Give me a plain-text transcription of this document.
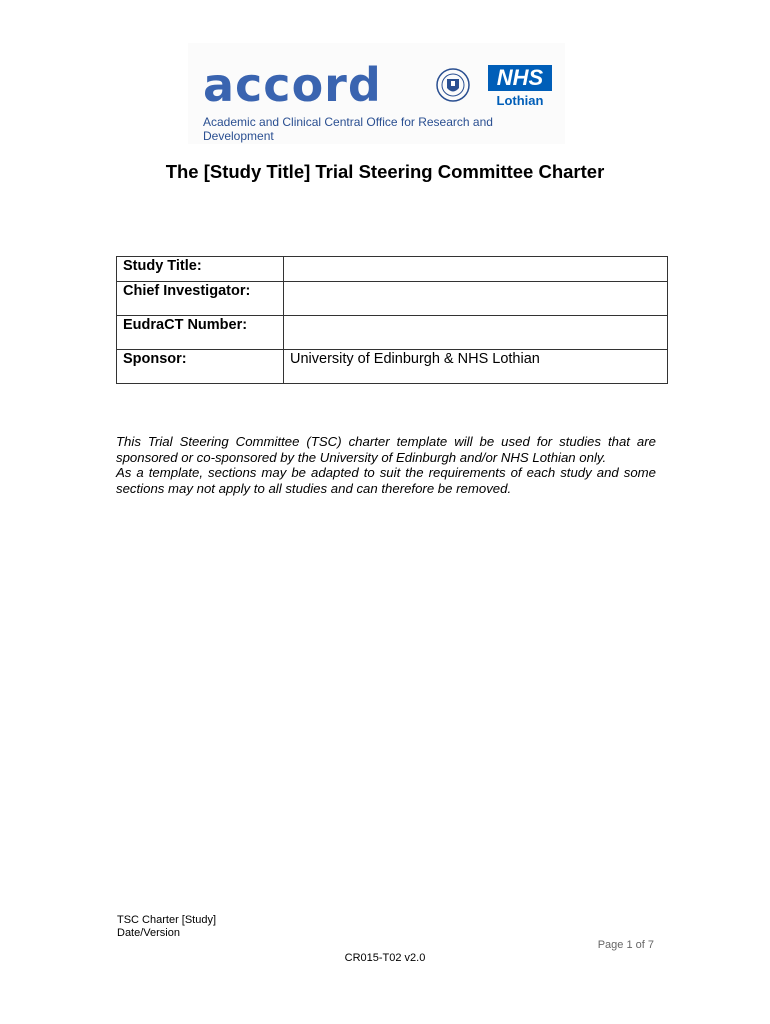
accord	NHS
Lothian
Academic and Clinical Central Office for Research and Development
The [Study Title] Trial Steering Committee Charter
Study Title:	
Chief Investigator:	
EudraCT Number:	
Sponsor:	University of Edinburgh & NHS Lothian

This Trial Steering Committee (TSC) charter template will be used for studies that are sponsored or co-sponsored by the University of Edinburgh and/or NHS Lothian only.

As a template, sections may be adapted to suit the requirements of each study and some sections may not apply to all studies and can therefore be removed.

TSC Charter [Study]
Date/Version
Page 1 of 7
CR015-T02 v2.0
